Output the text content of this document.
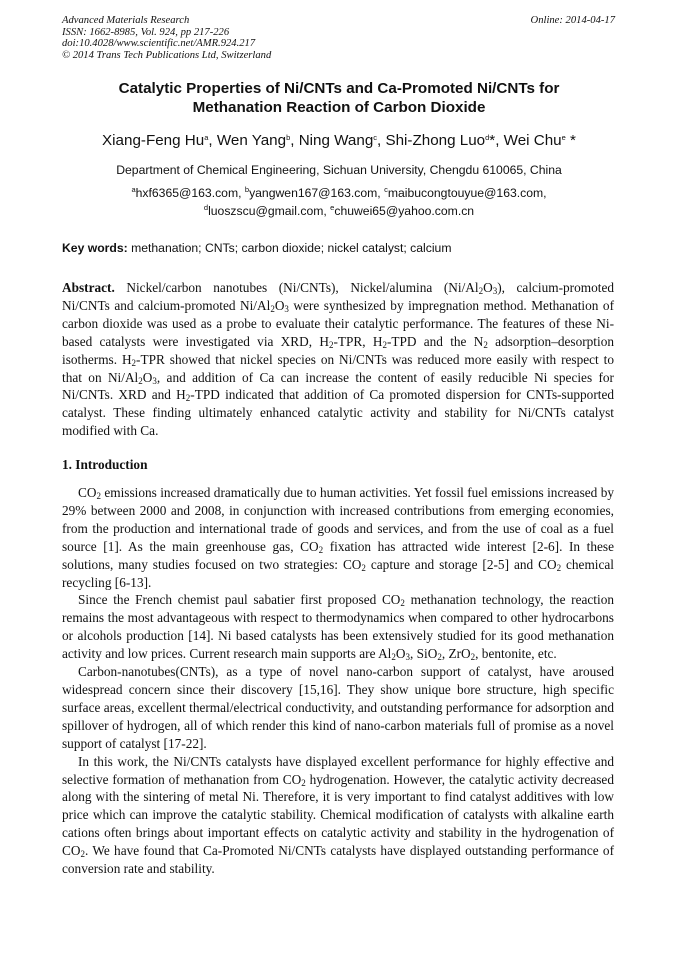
Advanced Materials Research
ISSN: 1662-8985, Vol. 924, pp 217-226
doi:10.4028/www.scientific.net/AMR.924.217
© 2014 Trans Tech Publications Ltd, Switzerland
Online: 2014-04-17
Catalytic Properties of Ni/CNTs and Ca-Promoted Ni/CNTs for
Methanation Reaction of Carbon Dioxide
Xiang-Feng Hu$^a$, Wen Yang$^b$, Ning Wang$^c$, Shi-Zhong Luo$^d$*, Wei Chu$^e$ *
Department of Chemical Engineering, Sichuan University, Chengdu 610065, China
$^a$hxf6365@163.com, $^b$yangwen167@163.com, $^c$maibucongtouyue@163.com,
$^d$luoszscu@gmail.com, $^e$chuwei65@yahoo.com.cn
Key words: methanation; CNTs; carbon dioxide; nickel catalyst; calcium

Abstract. Nickel/carbon nanotubes (Ni/CNTs), Nickel/alumina $(Ni/Al_2O_3)$, calcium-promoted Ni/CNTs and calcium-promoted $Ni/Al_2O_3$ were synthesized by impregnation method. Methanation of carbon dioxide was used as a probe to evaluate their catalytic performance. The features of these Ni-based catalysts were investigated via XRD, $H_2$-TPR, $H_2$-TPD and the $N_2$ adsorption–desorption isotherms. $H_2$-TPR showed that nickel species on Ni/CNTs was reduced more easily with respect to that on $Ni/Al_2O_3$, and addition of Ca can increase the content of easily reducible Ni species for Ni/CNTs. XRD and $H_2$-TPD indicated that addition of Ca promoted dispersion for CNTs-supported catalyst. These finding ultimately enhanced catalytic activity and stability for Ni/CNTs catalyst modified with Ca.

1. Introduction

$CO_2$ emissions increased dramatically due to human activities. Yet fossil fuel emissions increased by 29% between 2000 and 2008, in conjunction with increased contributions from emerging economies, from the production and international trade of goods and services, and from the use of coal as a fuel source [1]. As the main greenhouse gas, $CO_2$ fixation has attracted wide interest [2-6]. In these solutions, many studies focused on two strategies: $CO_2$ capture and storage [2-5] and $CO_2$ chemical recycling [6-13].

Since the French chemist paul sabatier first proposed $CO_2$ methanation technology, the reaction remains the most advantageous with respect to thermodynamics when compared to other hydrocarbons or alcohols production [14]. Ni based catalysts has been extensively studied for its good methanation activity and low prices. Current research main supports are $Al_2O_3$, SiO$_2$, ZrO$_2$, bentonite, etc.

Carbon-nanotubes(CNTs), as a type of novel nano-carbon support of catalyst, have aroused widespread concern since their discovery [15,16]. They show unique bore structure, high specific surface areas, excellent thermal/electrical conductivity, and outstanding performance for adsorption and spillover of hydrogen, all of which render this kind of nano-carbon materials full of promise as a novel support of catalyst [17-22].

In this work, the Ni/CNTs catalysts have displayed excellent performance for highly effective and selective formation of methanation from $CO_2$ hydrogenation. However, the catalytic activity decreased along with the sintering of metal Ni. Therefore, it is very important to find catalyst additives with low price which can improve the catalytic stability. Chemical modification of catalysts with alkaline earth cations often brings about important effects on catalytic activity and stability in the hydrogenation of $CO_2$. We have found that Ca-Promoted Ni/CNTs catalysts have displayed outstanding performance of conversion rate and stability.
